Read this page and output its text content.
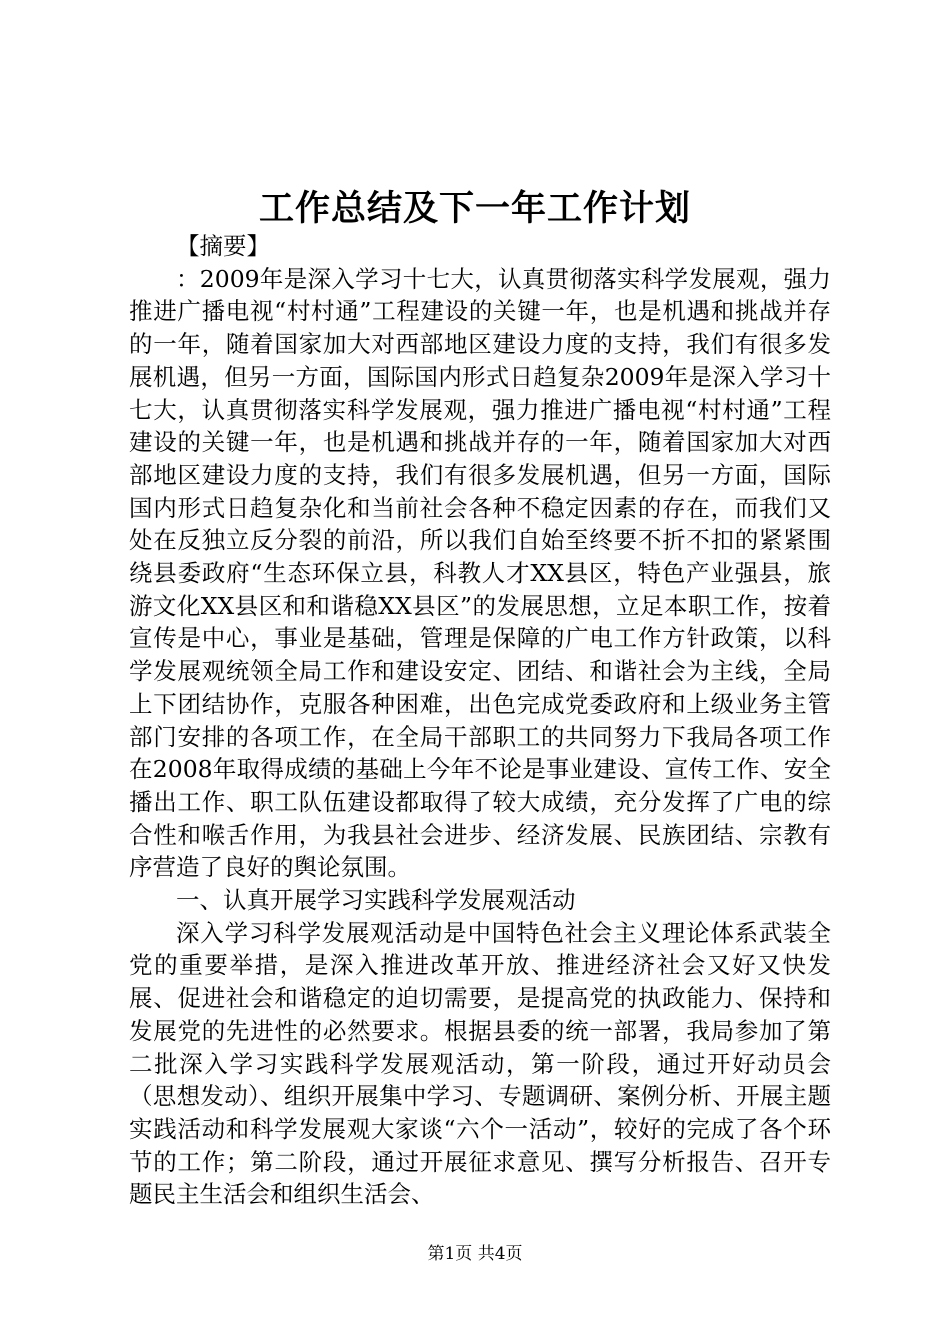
工作总结及下一年工作计划

【摘要】

：2009年是深入学习十七大，认真贯彻落实科学发展观，强力推进广播电视“村村通”工程建设的关键一年，也是机遇和挑战并存的一年，随着国家加大对西部地区建设力度的支持，我们有很多发展机遇，但另一方面，国际国内形式日趋复杂2009年是深入学习十七大，认真贯彻落实科学发展观，强力推进广播电视“村村通”工程建设的关键一年，也是机遇和挑战并存的一年，随着国家加大对西部地区建设力度的支持，我们有很多发展机遇，但另一方面，国际国内形式日趋复杂化和当前社会各种不稳定因素的存在，而我们又处在反独立反分裂的前沿，所以我们自始至终要不折不扣的紧紧围绕县委政府“生态环保立县，科教人才XX县区，特色产业强县，旅游文化XX县区和和谐稳XX县区”的发展思想，立足本职工作，按着宣传是中心，事业是基础，管理是保障的广电工作方针政策，以科学发展观统领全局工作和建设安定、团结、和谐社会为主线，全局上下团结协作，克服各种困难，出色完成党委政府和上级业务主管部门安排的各项工作，在全局干部职工的共同努力下我局各项工作在2008年取得成绩的基础上今年不论是事业建设、宣传工作、安全播出工作、职工队伍建设都取得了较大成绩，充分发挥了广电的综合性和喉舌作用，为我县社会进步、经济发展、民族团结、宗教有序营造了良好的舆论氛围。

一、认真开展学习实践科学发展观活动

深入学习科学发展观活动是中国特色社会主义理论体系武装全党的重要举措，是深入推进改革开放、推进经济社会又好又快发展、促进社会和谐稳定的迫切需要，是提高党的执政能力、保持和发展党的先进性的必然要求。根据县委的统一部署，我局参加了第二批深入学习实践科学发展观活动，第一阶段，通过开好动员会（思想发动）、组织开展集中学习、专题调研、案例分析、开展主题实践活动和科学发展观大家谈“六个一活动”，较好的完成了各个环节的工作；第二阶段，通过开展征求意见、撰写分析报告、召开专题民主生活会和组织生活会、

第1页 共4页
